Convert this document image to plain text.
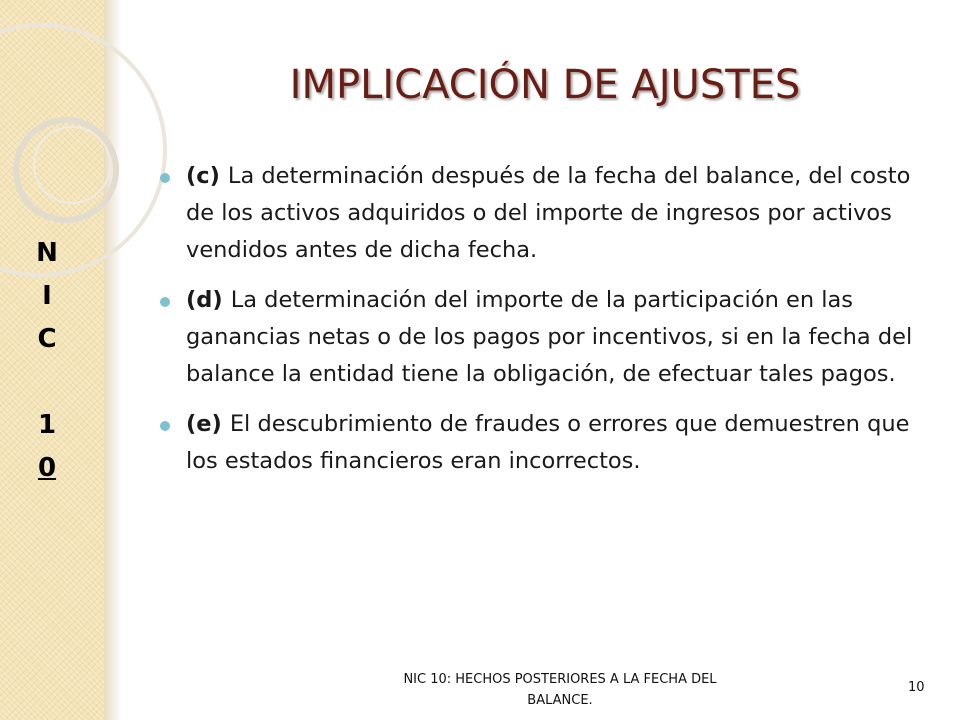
N
I
C
1
0
IMPLICACIÓN DE AJUSTES
(c) La determinación después de la fecha del balance, del costo de los activos adquiridos o del importe de ingresos por activos vendidos antes de dicha fecha.
(d) La determinación del importe de la participación en las ganancias netas o de los pagos por incentivos, si en la fecha del balance la entidad tiene la obligación, de efectuar tales pagos.
(e) El descubrimiento de fraudes o errores que demuestren que los estados financieros eran incorrectos.
NIC 10: HECHOS POSTERIORES A LA FECHA DEL BALANCE.
10
